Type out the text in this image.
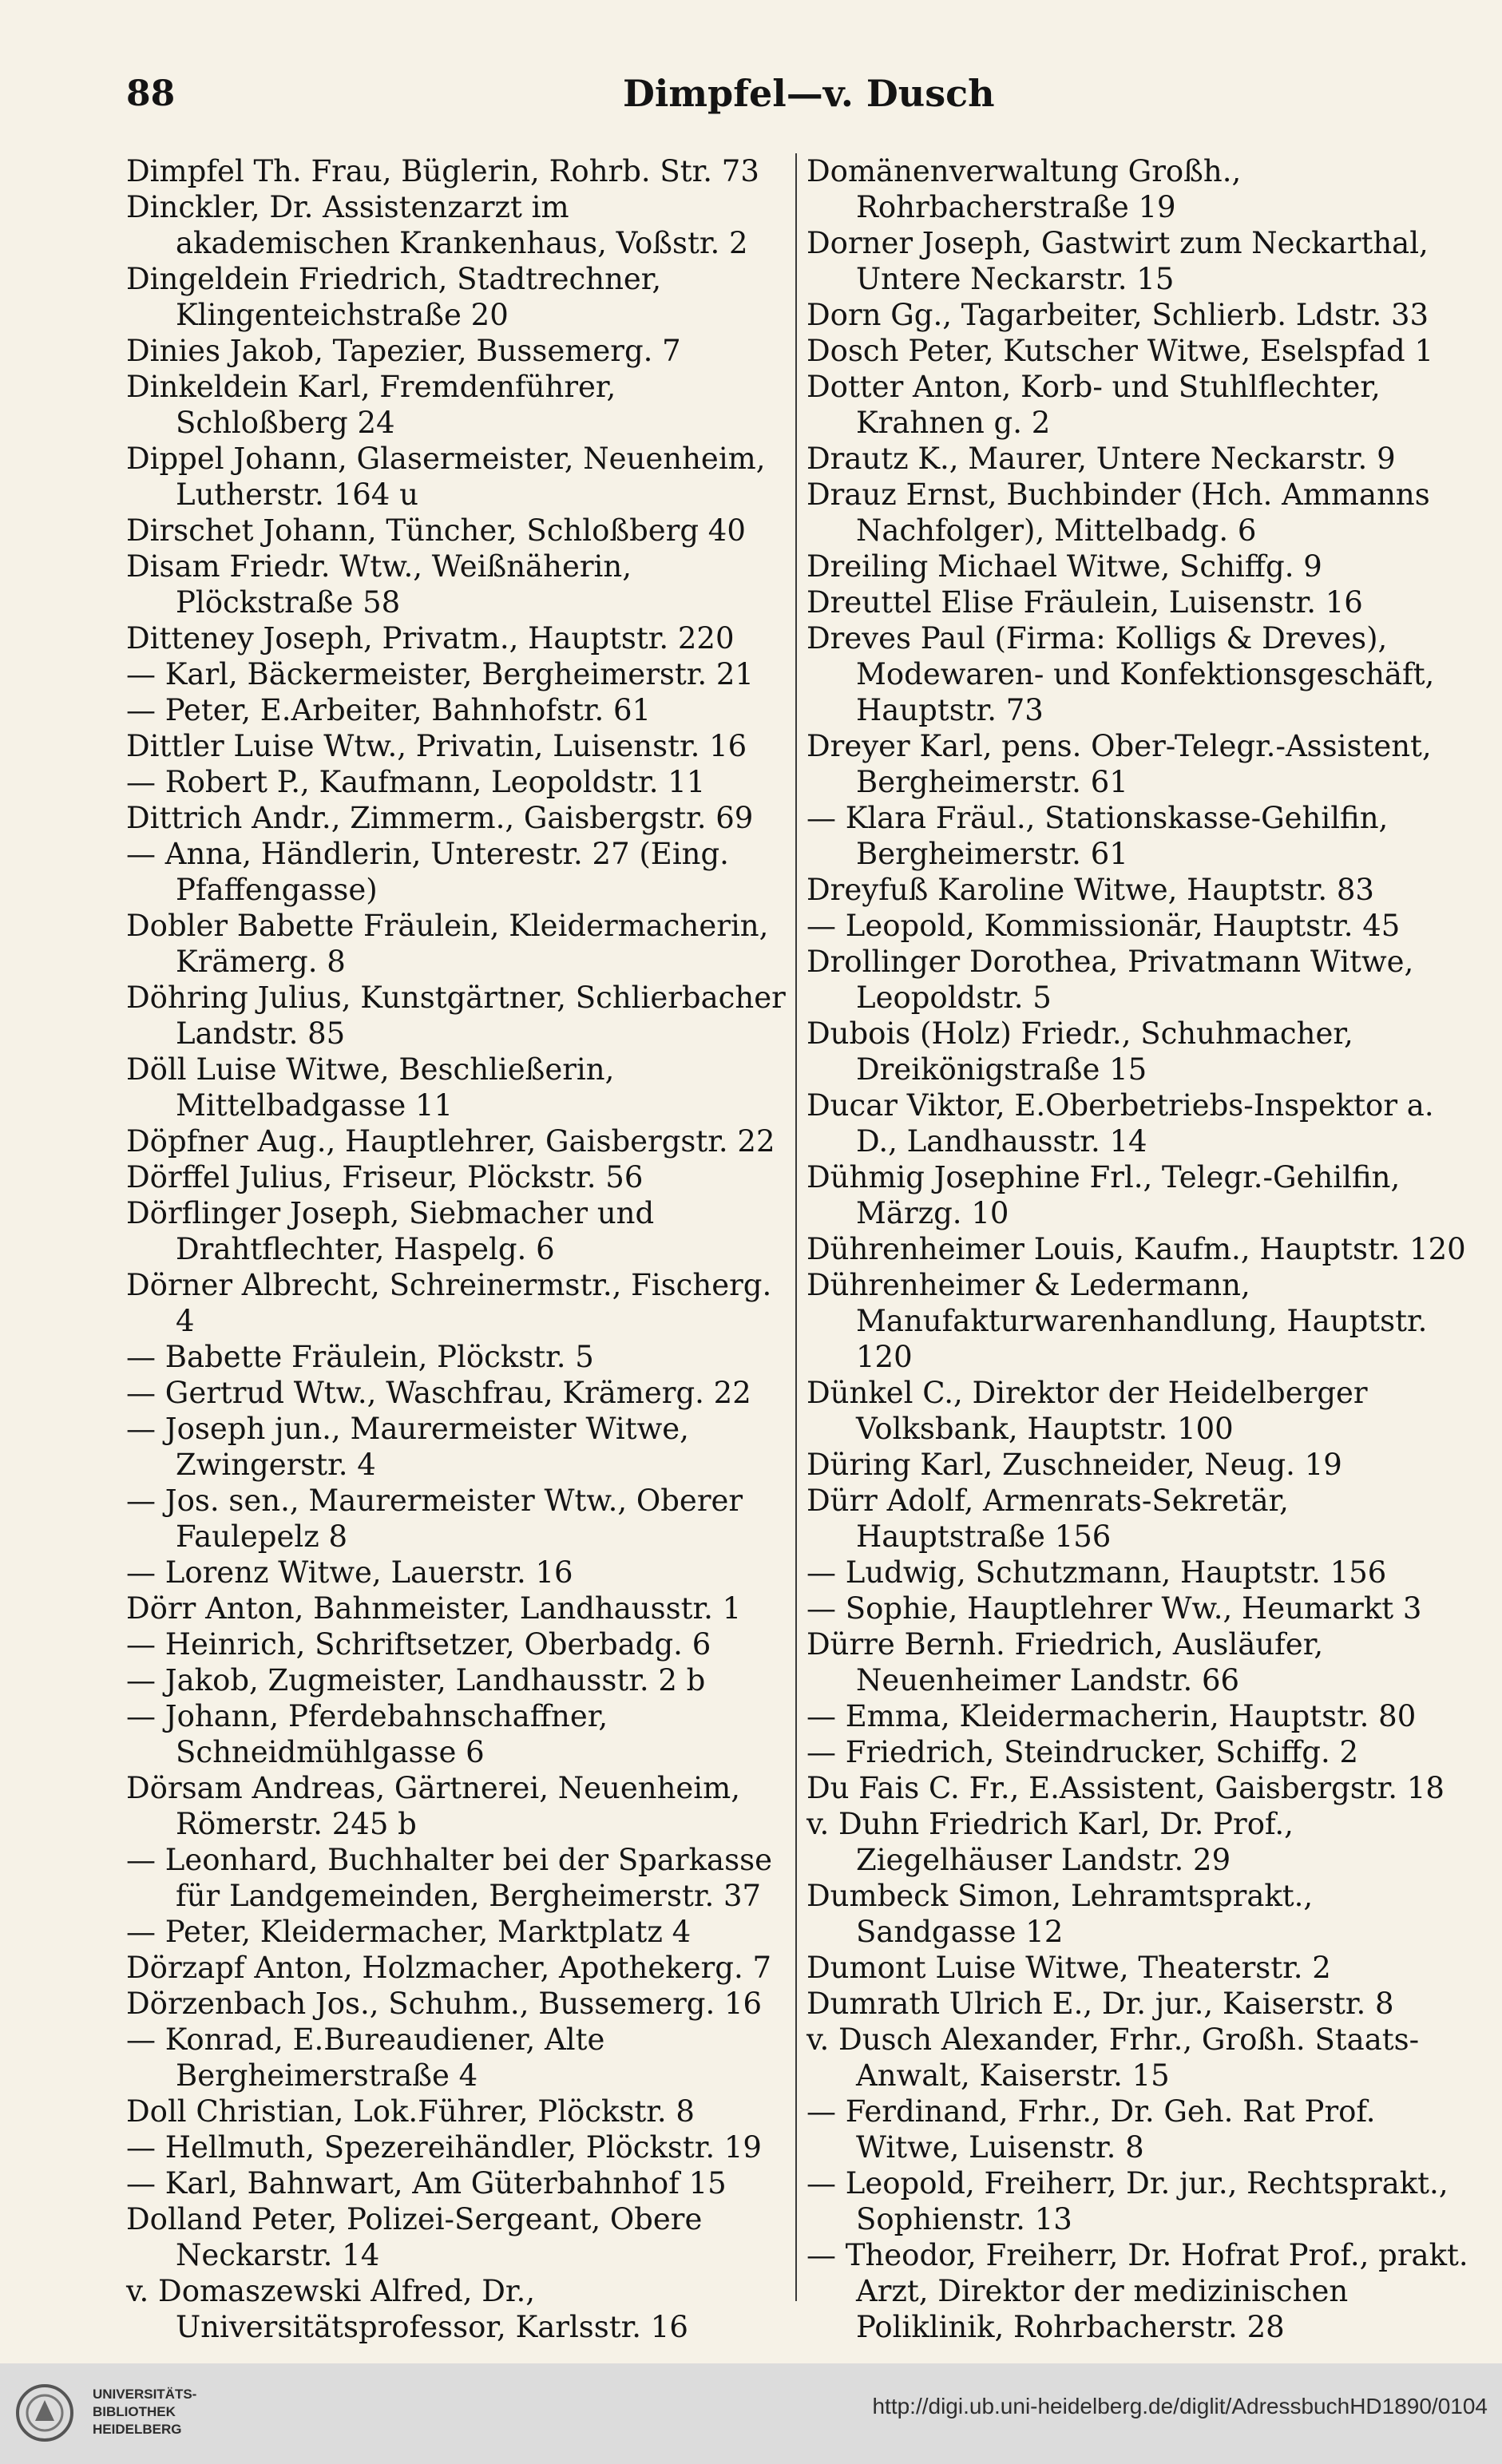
88	Dimpfel—v. Dusch

Dimpfel Th. Frau, Büglerin, Rohrb. Str. 73

Dinckler, Dr. Assistenzarzt im akademischen Krankenhaus, Voßstr. 2

Dingeldein Friedrich, Stadtrechner, Klingenteichstraße 20

Dinies Jakob, Tapezier, Bussemerg. 7

Dinkeldein Karl, Fremdenführer, Schloßberg 24

Dippel Johann, Glasermeister, Neuenheim, Lutherstr. 164 u

Dirschet Johann, Tüncher, Schloßberg 40

Disam Friedr. Wtw., Weißnäherin, Plöckstraße 58

Ditteney Joseph, Privatm., Hauptstr. 220

— Karl, Bäckermeister, Bergheimerstr. 21

— Peter, E.Arbeiter, Bahnhofstr. 61

Dittler Luise Wtw., Privatin, Luisenstr. 16

— Robert P., Kaufmann, Leopoldstr. 11

Dittrich Andr., Zimmerm., Gaisbergstr. 69

— Anna, Händlerin, Unterestr. 27 (Eing. Pfaffengasse)

Dobler Babette Fräulein, Kleidermacherin, Krämerg. 8

Döhring Julius, Kunstgärtner, Schlierbacher Landstr. 85

Döll Luise Witwe, Beschließerin, Mittelbadgasse 11

Döpfner Aug., Hauptlehrer, Gaisbergstr. 22

Dörffel Julius, Friseur, Plöckstr. 56

Dörflinger Joseph, Siebmacher und Drahtflechter, Haspelg. 6

Dörner Albrecht, Schreinermstr., Fischerg. 4

— Babette Fräulein, Plöckstr. 5

— Gertrud Wtw., Waschfrau, Krämerg. 22

— Joseph jun., Maurermeister Witwe, Zwingerstr. 4

— Jos. sen., Maurermeister Wtw., Oberer Faulepelz 8

— Lorenz Witwe, Lauerstr. 16

Dörr Anton, Bahnmeister, Landhausstr. 1

— Heinrich, Schriftsetzer, Oberbadg. 6

— Jakob, Zugmeister, Landhausstr. 2 b

— Johann, Pferdebahnschaffner, Schneidmühlgasse 6

Dörsam Andreas, Gärtnerei, Neuenheim, Römerstr. 245 b

— Leonhard, Buchhalter bei der Sparkasse für Landgemeinden, Bergheimerstr. 37

— Peter, Kleidermacher, Marktplatz 4

Dörzapf Anton, Holzmacher, Apothekerg. 7

Dörzenbach Jos., Schuhm., Bussemerg. 16

— Konrad, E.Bureaudiener, Alte Bergheimerstraße 4

Doll Christian, Lok.Führer, Plöckstr. 8

— Hellmuth, Spezereihändler, Plöckstr. 19

— Karl, Bahnwart, Am Güterbahnhof 15

Dolland Peter, Polizei-Sergeant, Obere Neckarstr. 14

v. Domaszewski Alfred, Dr., Universitätsprofessor, Karlsstr. 16

Domänenverwaltung Großh., Rohrbacherstraße 19

Dorner Joseph, Gastwirt zum Neckarthal, Untere Neckarstr. 15

Dorn Gg., Tagarbeiter, Schlierb. Ldstr. 33

Dosch Peter, Kutscher Witwe, Eselspfad 1

Dotter Anton, Korb- und Stuhlflechter, Krahnen g. 2

Drautz K., Maurer, Untere Neckarstr. 9

Drauz Ernst, Buchbinder (Hch. Ammanns Nachfolger), Mittelbadg. 6

Dreiling Michael Witwe, Schiffg. 9

Dreuttel Elise Fräulein, Luisenstr. 16

Dreves Paul (Firma: Kolligs & Dreves), Modewaren- und Konfektionsgeschäft, Hauptstr. 73

Dreyer Karl, pens. Ober-Telegr.-Assistent, Bergheimerstr. 61

— Klara Fräul., Stationskasse-Gehilfin, Bergheimerstr. 61

Dreyfuß Karoline Witwe, Hauptstr. 83

— Leopold, Kommissionär, Hauptstr. 45

Drollinger Dorothea, Privatmann Witwe, Leopoldstr. 5

Dubois (Holz) Friedr., Schuhmacher, Dreikönigstraße 15

Ducar Viktor, E.Oberbetriebs-Inspektor a. D., Landhausstr. 14

Dühmig Josephine Frl., Telegr.-Gehilfin, Märzg. 10

Dührenheimer Louis, Kaufm., Hauptstr. 120

Dührenheimer & Ledermann, Manufakturwarenhandlung, Hauptstr. 120

Dünkel C., Direktor der Heidelberger Volksbank, Hauptstr. 100

Düring Karl, Zuschneider, Neug. 19

Dürr Adolf, Armenrats-Sekretär, Hauptstraße 156

— Ludwig, Schutzmann, Hauptstr. 156

— Sophie, Hauptlehrer Ww., Heumarkt 3

Dürre Bernh. Friedrich, Ausläufer, Neuenheimer Landstr. 66

— Emma, Kleidermacherin, Hauptstr. 80

— Friedrich, Steindrucker, Schiffg. 2

Du Fais C. Fr., E.Assistent, Gaisbergstr. 18

v. Duhn Friedrich Karl, Dr. Prof., Ziegelhäuser Landstr. 29

Dumbeck Simon, Lehramtsprakt., Sandgasse 12

Dumont Luise Witwe, Theaterstr. 2

Dumrath Ulrich E., Dr. jur., Kaiserstr. 8

v. Dusch Alexander, Frhr., Großh. Staats-Anwalt, Kaiserstr. 15

— Ferdinand, Frhr., Dr. Geh. Rat Prof. Witwe, Luisenstr. 8

— Leopold, Freiherr, Dr. jur., Rechtsprakt., Sophienstr. 13

— Theodor, Freiherr, Dr. Hofrat Prof., prakt. Arzt, Direktor der medizinischen Poliklinik, Rohrbacherstr. 28

UNIVERSITÄTS-BIBLIOTHEK HEIDELBERG
http://digi.ub.uni-heidelberg.de/diglit/AdressbuchHD1890/0104
